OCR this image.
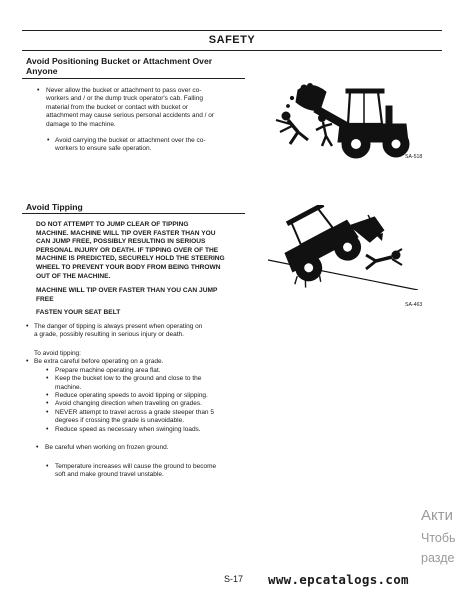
SAFETY
Avoid Positioning Bucket or Attachment Over
Anyone
• Never allow the bucket or attachment to pass over co-
workers and / or the dump truck operator's cab. Falling
material from the bucket or contact with bucket or
attachment may cause serious personal accidents and / or
damage to the machine.
• Avoid carrying the bucket or attachment over the co-
workers to ensure safe operation.
SA-518
Avoid Tipping
DO NOT ATTEMPT TO JUMP CLEAR OF TIPPING
MACHINE. MACHINE WILL TIP OVER FASTER THAN YOU
CAN JUMP FREE, POSSIBLY RESULTING IN SERIOUS
PERSONAL INJURY OR DEATH. IF TIPPING OVER OF THE
MACHINE IS PREDICTED, SECURELY HOLD THE STEERING
WHEEL TO PREVENT YOUR BODY FROM BEING THROWN
OUT OF THE MACHINE.
MACHINE WILL TIP OVER FASTER THAN YOU CAN JUMP
FREE
FASTEN YOUR SEAT BELT
• The danger of tipping is always present when operating on
a grade, possibly resulting in serious injury or death.
To avoid tipping:
• Be extra careful before operating on a grade.
• Prepare machine operating area flat.
• Keep the bucket low to the ground and close to the
machine.
• Reduce operating speeds to avoid tipping or slipping.
• Avoid changing direction when traveling on grades.
• NEVER attempt to travel across a grade steeper than 5
degrees if crossing the grade is unavoidable.
• Reduce speed as necessary when swinging loads.
• Be careful when working on frozen ground.
• Temperature increases will cause the ground to become
soft and make ground travel unstable.
SA-463
Акти
Чтобь
разде
S-17 www.epcatalogs.com
